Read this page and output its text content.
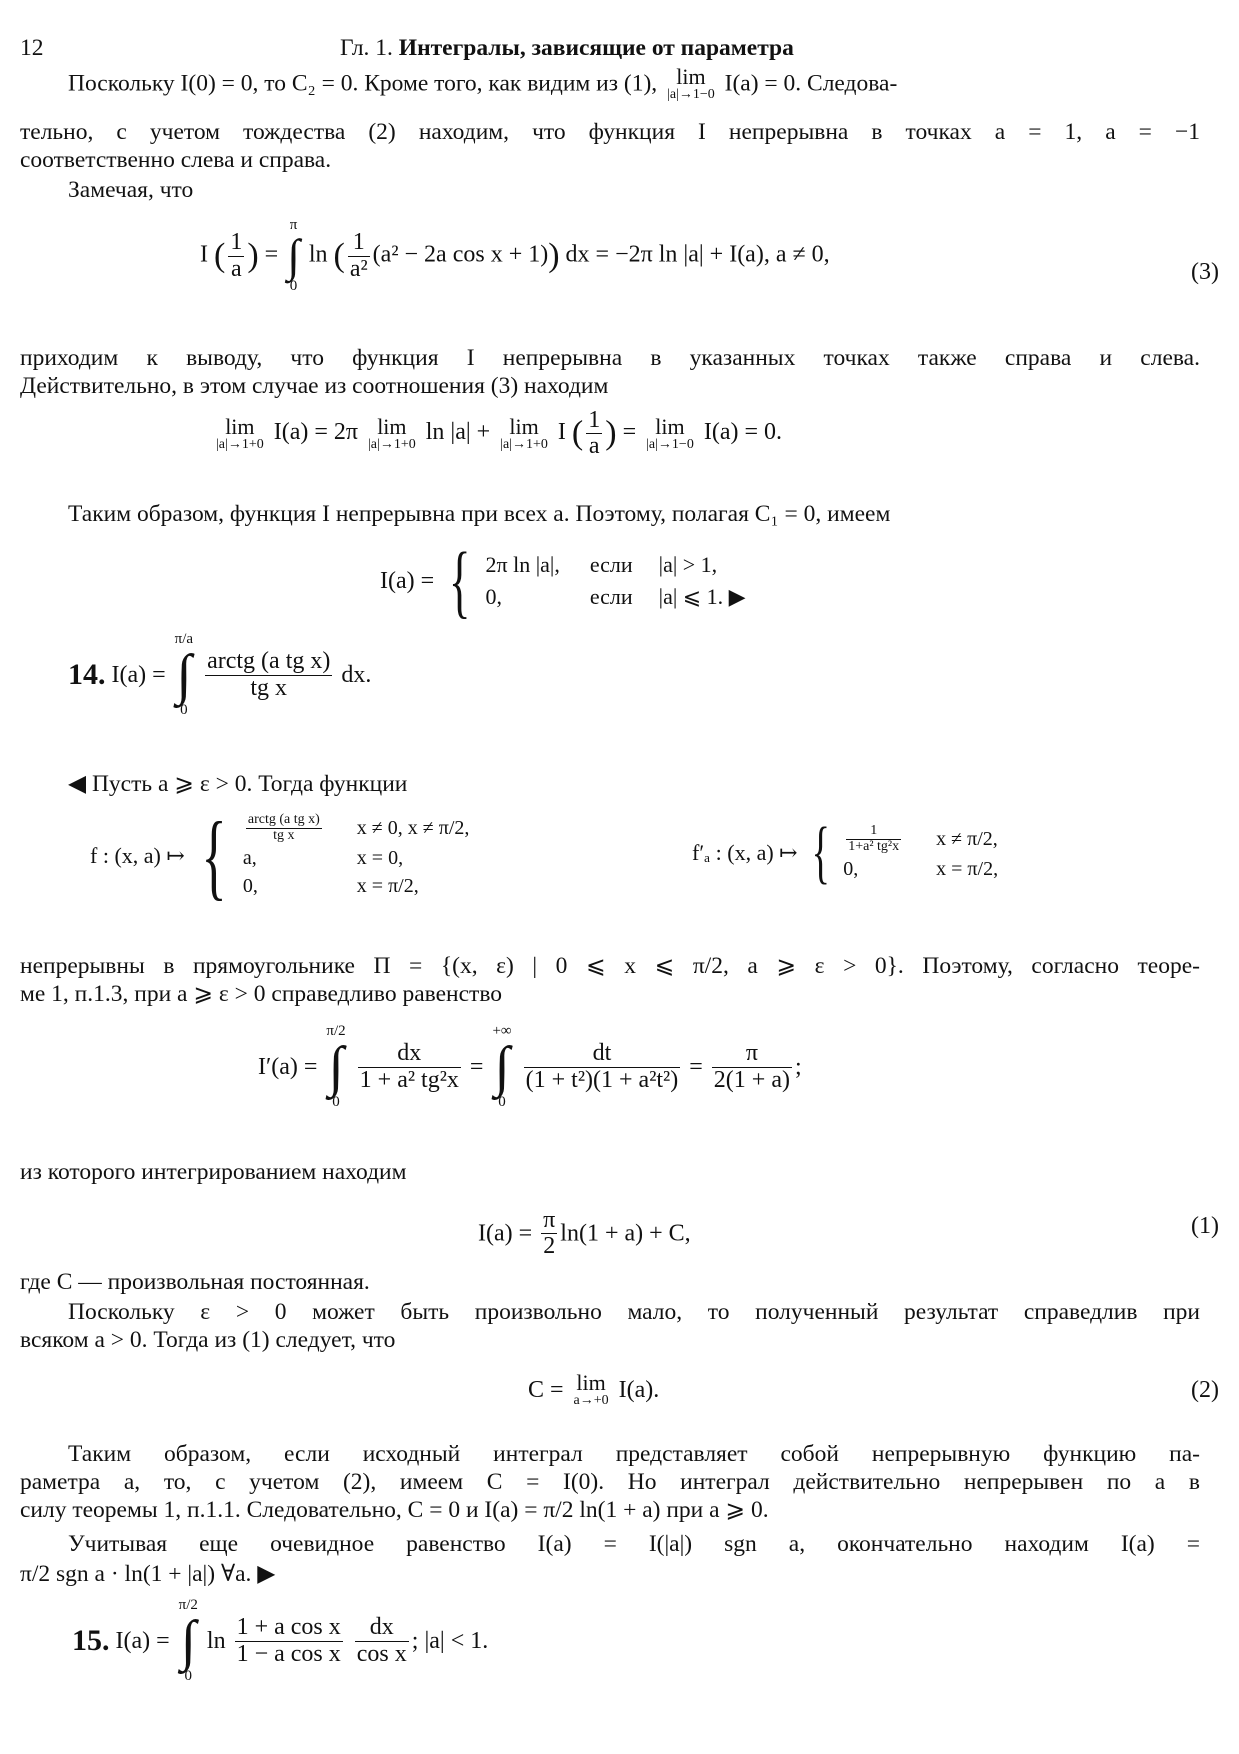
12	Гл. 1. Интегралы, зависящие от параметра
Поскольку I(0) = 0, то C₂ = 0. Кроме того, как видим из (1), lim
|a|→1−0 I(a) = 0. Следова-
тельно, с учетом тождества (2) находим, что функция I непрерывна в точках a = 1, a = −1
соответственно слева и справа.
Замечая, что
I ( $\frac{1}{a}$ ) =
π
∫
0
ln ( $\frac{1}{\text{a²}} (a^2 - 2a$ cos x + 1)) dx = −2π ln |a| + I(a), a ≠ 0,
(3)
приходим к выводу, что функция I непрерывна в указанных точках также справа и слева.
Действительно, в этом случае из соотношения (3) находим
lim
|a|→1+0 I(a) = 2π lim
|a|→1+0 ln |a| + lim
|a|→1+0 I ( $\frac{1}{a}$ ) = lim
|a|→1−0 I(a) = 0.
Таким образом, функция I непрерывна при всех a. Поэтому, полагая C₁ = 0, имеем
I(a) = { 2π ln |a|,	если	|a| > 1,
0,	если	|a| ⩽ 1. ▶
14. I(a) =
π/a
∫
0

$\frac{\text{arctg (a tg x)}}{\text{tg x}}$ dx.
◀ Пусть a ⩾ ε > 0. Тогда функции
f : (x, a) ↦ { $\frac{\text{arctg (a tg x)}}{\text{tg x}}$	x ≠ 0, x ≠ π/2,
a,	x = 0,
0,	x = π/2,
f′ₐ : (x, a) ↦ { $\frac{1}{\text{1+a² tg²x}}$	x ≠ π/2,
0,	x = π/2,
непрерывны в прямоугольнике Π = {(x, ε) | 0 ⩽ x ⩽ π/2, a ⩾ ε > 0}. Поэтому, согласно теоре-
ме 1, п.1.3, при a ⩾ ε > 0 справедливо равенство
I′(a) =
π/2
∫
0

$\frac{dx}{\text{1 + a² tg²x}}$ =
+∞
∫
0

$\frac{dt}{\text{(1 + t²)(1 + a²t²)}} = \frac{\pi}{2(1 + a)}$ ;
из которого интегрированием находим
$I(a) = \frac{\pi}{2} \ln(1 + a) + C$,	(1)
где C — произвольная постоянная.
Поскольку ε > 0 может быть произвольно мало, то полученный результат справедлив при
всяком a > 0. Тогда из (1) следует, что
C = lim
a→+0 I(a).	(2)
Таким образом, если исходный интеграл представляет собой непрерывную функцию па-
раметра a, то, с учетом (2), имеем C = I(0). Но интеграл действительно непрерывен по a в
силу теоремы 1, п.1.1. Следовательно, C = 0 и I(a) = π/2 ln(1 + a) при a ⩾ 0.
Учитывая еще очевидное равенство I(a) = I(|a|) sgn a, окончательно находим I(a) =
π/2 sgn a · ln(1 + |a|) ∀a. ▶
15. I(a) =
π/2
∫
0
$\ln \frac{\text{1 + a cos x}}{\text{1 − a cos x}}$
$\frac{dx}{\text{cos x}}$ ; |a| < 1.
